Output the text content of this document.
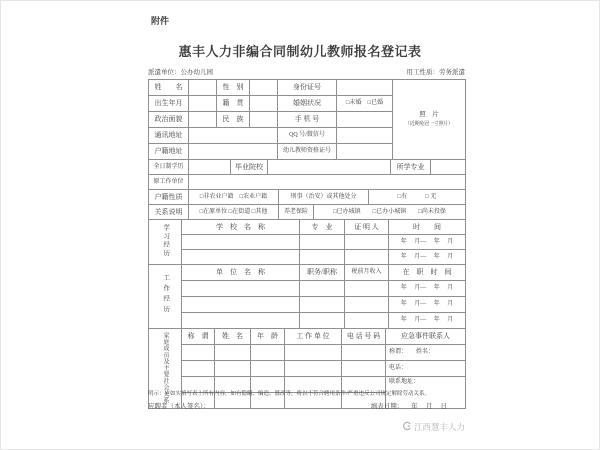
附件
惠丰人力非编合同制幼儿教师报名登记表
派遣单位：公办幼儿园	用工性质：劳务派遣
姓　　名		性　别		身份证号		照　片
（近期免冠一寸照片）

出生年月		籍　贯		婚姻状况	□未婚　□已婚	
政治面貌		民　族		手 机 号		
通讯地址				QQ 号/微信号		
户籍地址				幼儿教师资格证号		
全日制学历		毕业院校		所学专业	
原工作单位	
户籍性质	□非农业户籍　□农业户籍	刑事（治安）或其他处分		□有　　　□ 无
关系说明	□在原单位 □在街道 □其他	养老保险	□已办城镇　　□已办小城镇　　□尚未投保	
学习经历	学　校　名　称	专　业	证 明 人	时　　间
				年　 月—　 年　 月
				年　 月—　 年　 月
工作经历	单　位　名　称	职务/职称	税前月收入	在　职　时　间
				年　 月—　 年　 月
				年　 月—　 年　 月
				年　 月—　 年　 月
家庭成员及主要社会关系	称　谓	姓　名	年　龄	工 作 单 位	电 话 号 码	应急事件联系人
						称谓：　　姓名：
						电话：
						联系地址：

明示：应如实填写表上所有内容，如有隐瞒、编造、篡改等，将以不符合聘用条件/严重违反公司规定解除劳动关系。
应聘者（本人签名）：	填表日期： 年　 月　 日
江西慧丰人力
